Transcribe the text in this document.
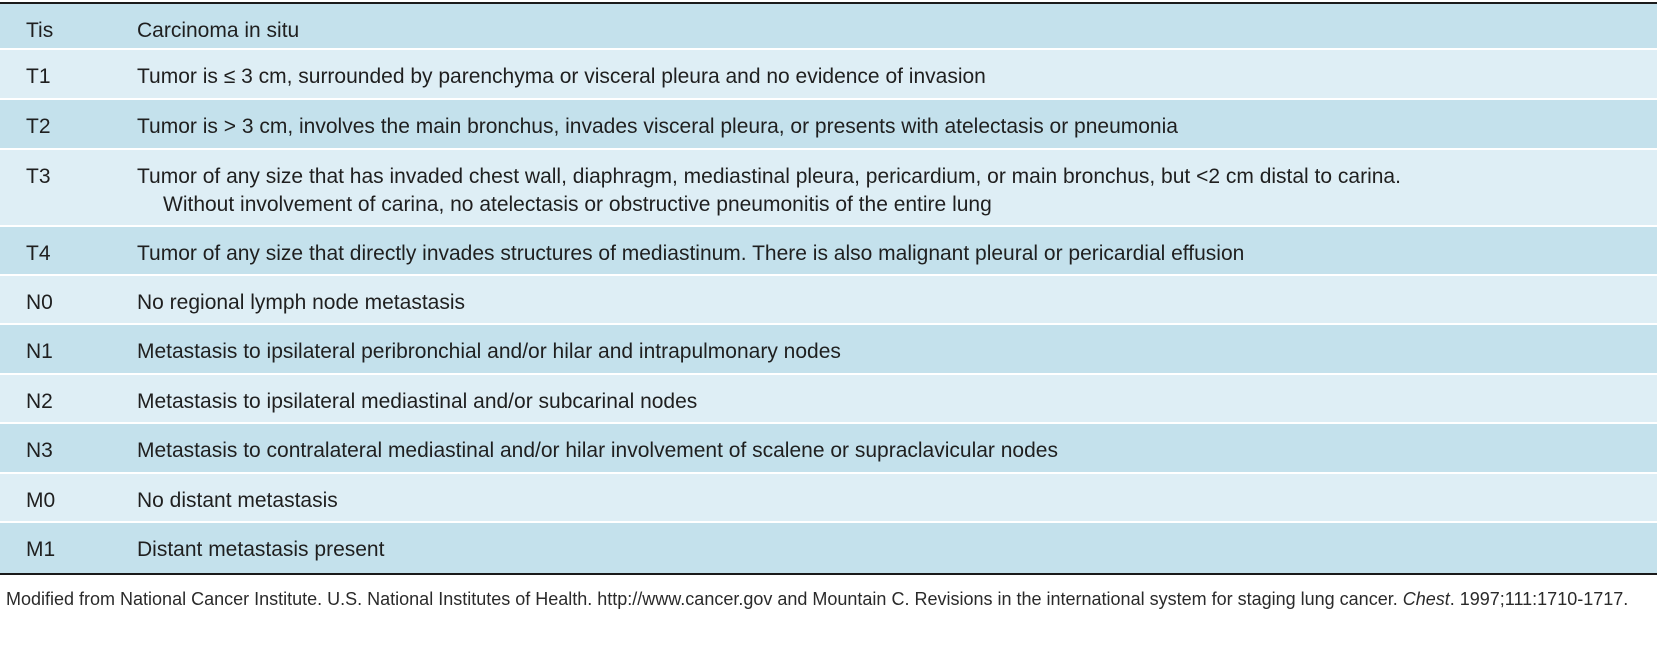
Tis	Carcinoma in situ
T1	Tumor is ≤ 3 cm, surrounded by parenchyma or visceral pleura and no evidence of invasion
T2	Tumor is > 3 cm, involves the main bronchus, invades visceral pleura, or presents with atelectasis or pneumonia
T3	Tumor of any size that has invaded chest wall, diaphragm, mediastinal pleura, pericardium, or main bronchus, but <2 cm distal to carina.
Without involvement of carina, no atelectasis or obstructive pneumonitis of the entire lung
T4	Tumor of any size that directly invades structures of mediastinum. There is also malignant pleural or pericardial effusion
N0	No regional lymph node metastasis
N1	Metastasis to ipsilateral peribronchial and/or hilar and intrapulmonary nodes
N2	Metastasis to ipsilateral mediastinal and/or subcarinal nodes
N3	Metastasis to contralateral mediastinal and/or hilar involvement of scalene or supraclavicular nodes
M0	No distant metastasis
M1	Distant metastasis present
Modified from National Cancer Institute. U.S. National Institutes of Health. http://www.cancer.gov and Mountain C. Revisions in the international system for staging lung cancer. Chest. 1997;111:1710-1717.
